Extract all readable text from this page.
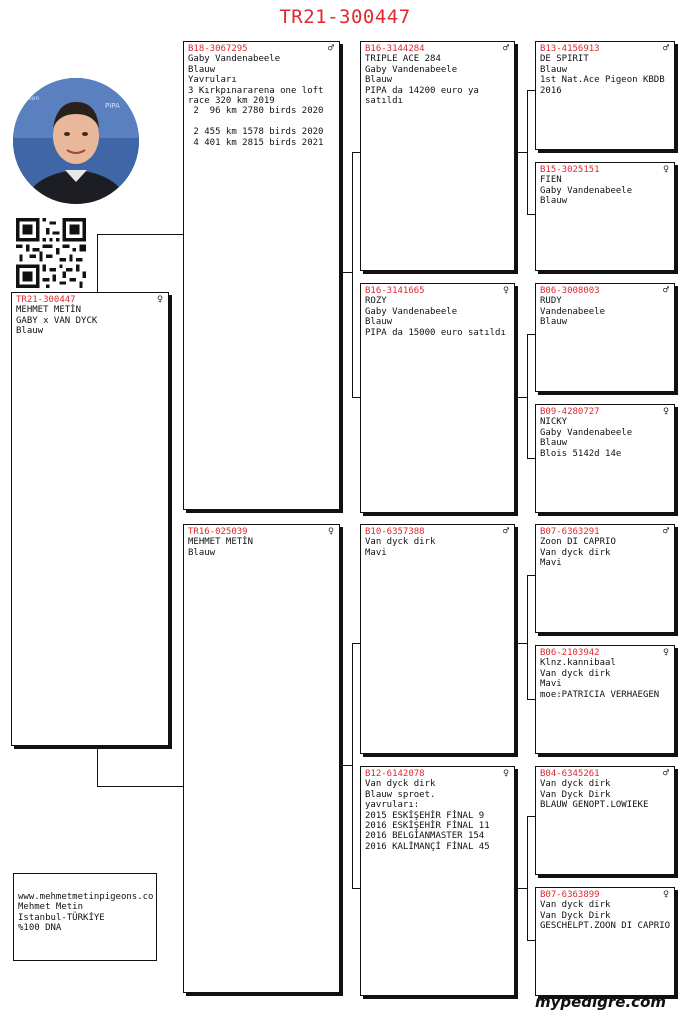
TR21-300447
PIPA
Pigeon
TR21-300447	♀
MEHMET METİN
GABY x VAN DYCK
Blauw
B18-3067295	♂
Gaby Vandenabeele
Blauw
Yavruları
3 Kırkpınararena one loft
race 320 km 2019
2  96 km 2780 birds 2020
2 455 km 1578 birds 2020
4 401 km 2815 birds 2021
TR16-025039	♀
MEHMET METİN
Blauw
B16-3144284	♂
TRIPLE ACE 284
Gaby Vandenabeele
Blauw
PIPA da 14200 euro ya
satıldı
B16-3141665	♀
ROZY
Gaby Vandenabeele
Blauw
PIPA da 15000 euro satıldı
B10-6357388	♂
Van dyck dirk
Mavi
B12-6142078	♀
Van dyck dirk
Blauw sproet.
yavruları:
2015 ESKİŞEHİR FİNAL 9
2016 ESKİŞEHİR FİNAL 11
2016 BELGİANMASTER 154
2016 KALİMANÇİ FİNAL 45
B13-4156913	♂
DE SPIRIT
Blauw
1st Nat.Ace Pigeon KBDB
2016
B15-3025151	♀
FIEN
Gaby Vandenabeele
Blauw
B06-3008003	♂
RUDY
Vandenabeele
Blauw
B09-4280727	♀
NICKY
Gaby Vandenabeele
Blauw
Blois 5142d 14e
B07-6363291	♂
Zoon DI CAPRIO
Van dyck dirk
Mavi
B06-2103942	♀
Klnz.kannibaal
Van dyck dirk
Mavi
moe:PATRICIA VERHAEGEN
B04-6345261	♂
Van dyck dirk
Van Dyck Dirk
BLAUW GENOPT.LOWIEKE
B07-6363899	♀
Van dyck dirk
Van Dyck Dirk
GESCHELPT.ZOON DI CAPRIO
www.mehmetmetinpigeons.co
Mehmet Metin
Istanbul-TÜRKİYE
%100 DNA
mypedigre.com
